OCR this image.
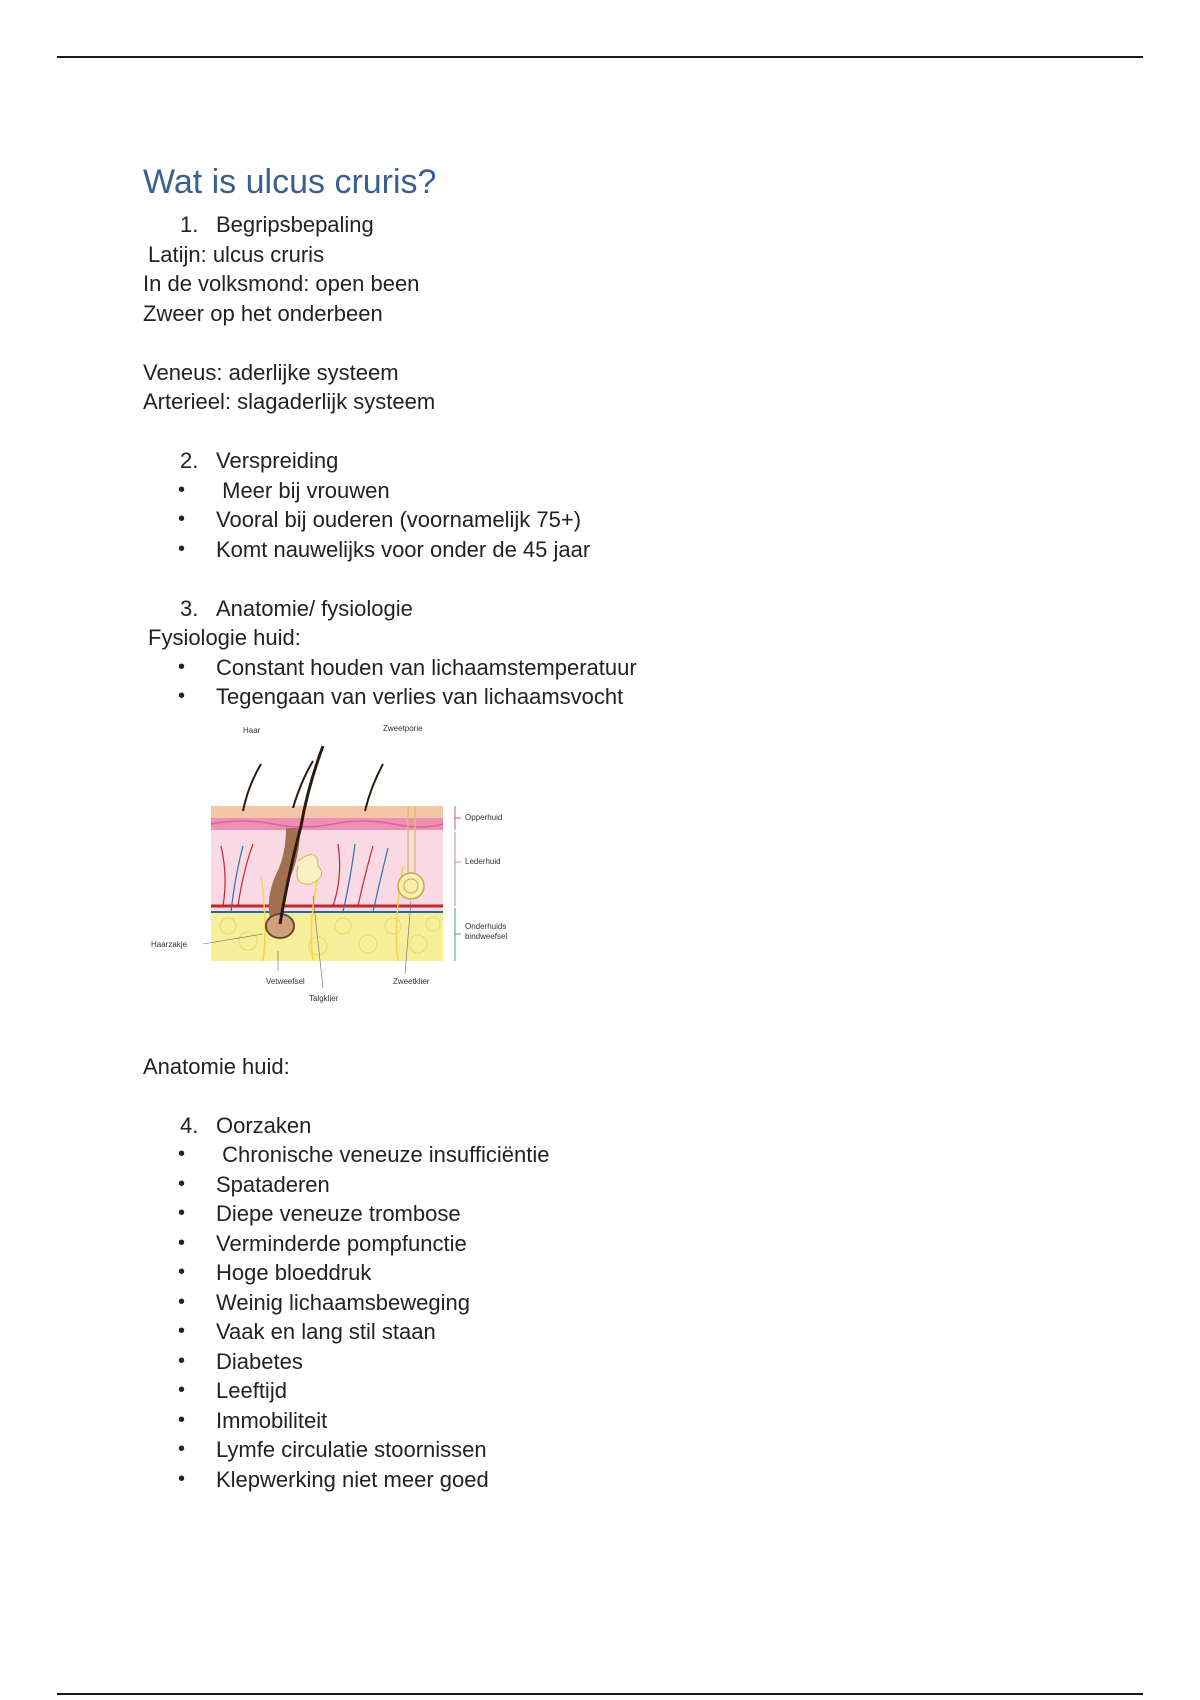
Wat is ulcus cruris?
1. Begripsbepaling
Latijn: ulcus cruris
In de volksmond: open been
Zweer op het onderbeen
Veneus: aderlijke systeem
Arterieel: slagaderlijk systeem
2. Verspreiding
• Meer bij vrouwen
• Vooral bij ouderen (voornamelijk 75+)
• Komt nauwelijks voor onder de 45 jaar
3. Anatomie/ fysiologie
Fysiologie huid:
• Constant houden van lichaamstemperatuur
• Tegengaan van verlies van lichaamsvocht
Haar	Zweetporie
Opperhuid
Lederhuid
Onderhuids
bindweefsel
Haarzakje
Vetweefsel
Talgklier
Zweetklier
Anatomie huid:
4. Oorzaken
• Chronische veneuze insufficiëntie
• Spataderen
• Diepe veneuze trombose
• Verminderde pompfunctie
• Hoge bloeddruk
• Weinig lichaamsbeweging
• Vaak en lang stil staan
• Diabetes
• Leeftijd
• Immobiliteit
• Lymfe circulatie stoornissen
• Klepwerking niet meer goed
